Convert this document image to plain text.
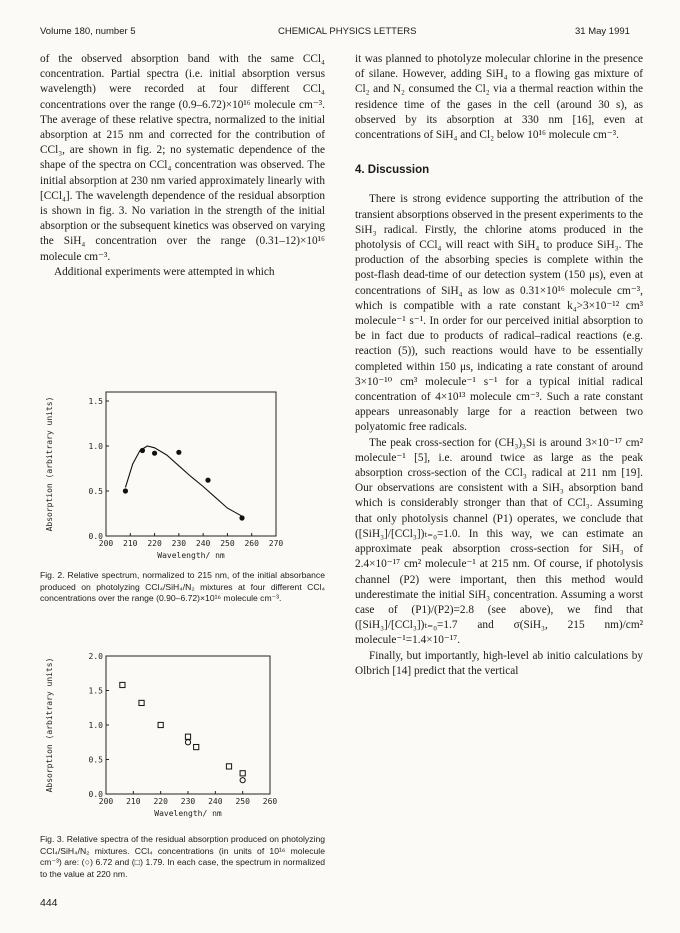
Volume 180, number 5	CHEMICAL PHYSICS LETTERS	31 May 1991

of the observed absorption band with the same CCl₄ concentration. Partial spectra (i.e. initial absorption versus wavelength) were recorded at four different CCl₄ concentrations over the range (0.9–6.72)×10¹⁶ molecule cm⁻³. The average of these relative spectra, normalized to the initial absorption at 215 nm and corrected for the contribution of CCl₃, are shown in fig. 2; no systematic dependence of the shape of the spectra on CCl₄ concentration was observed. The initial absorption at 230 nm varied approximately linearly with [CCl₄]. The wavelength dependence of the residual absorption is shown in fig. 3. No variation in the strength of the initial absorption or the subsequent kinetics was observed on varying the SiH₄ concentration over the range (0.31–12)×10¹⁶ molecule cm⁻³.

Additional experiments were attempted in which

it was planned to photolyze molecular chlorine in the presence of silane. However, adding SiH₄ to a flowing gas mixture of Cl₂ and N₂ consumed the Cl₂ via a thermal reaction within the residence time of the gases in the cell (around 30 s), as observed by its absorption at 330 nm [16], even at concentrations of SiH₄ and Cl₂ below 10¹⁶ molecule cm⁻³.

4. Discussion

There is strong evidence supporting the attribution of the transient absorptions observed in the present experiments to the SiH₃ radical. Firstly, the chlorine atoms produced in the photolysis of CCl₄ will react with SiH₄ to produce SiH₃. The production of the absorbing species is complete within the post-flash dead-time of our detection system (150 μs), even at concentrations of SiH₄ as low as 0.31×10¹⁶ molecule cm⁻³, which is compatible with a rate constant k₄>3×10⁻¹² cm³ molecule⁻¹ s⁻¹. In order for our perceived initial absorption to be in fact due to products of radical–radical reactions (e.g. reaction (5)), such reactions would have to be essentially completed within 150 μs, indicating a rate constant of around 3×10⁻¹⁰ cm³ molecule⁻¹ s⁻¹ for a typical initial radical concentration of 4×10¹³ molecule cm⁻³. Such a rate constant appears unreasonably large for a reaction between two polyatomic free radicals.

The peak cross-section for (CH₃)₃Si is around 3×10⁻¹⁷ cm² molecule⁻¹ [5], i.e. around twice as large as the peak absorption cross-section of the CCl₃ radical at 211 nm [19]. Our observations are consistent with a SiH₃ absorption band which is considerably stronger than that of CCl₃. Assuming that only photolysis channel (P1) operates, we conclude that ([SiH₃]/[CCl₃])ₜ₌₀=1.0. In this way, we can estimate an approximate peak absorption cross-section for SiH₃ of 2.4×10⁻¹⁷ cm² molecule⁻¹ at 215 nm. Of course, if photolysis channel (P2) were important, then this method would underestimate the initial SiH₃ concentration. Assuming a worst case of (P1)/(P2)=2.8 (see above), we find that ([SiH₃]/[CCl₃])ₜ₌₀=1.7 and σ(SiH₃, 215 nm)/cm² molecule⁻¹=1.4×10⁻¹⁷.

Finally, but importantly, high-level ab initio calculations by Olbrich [14] predict that the vertical

200 210 220 230 240 250 260 270
0.0
0.5
1.0
1.5
Wavelength/ nm
Absorption (arbitrary units)
Fig. 2. Relative spectrum, normalized to 215 nm, of the initial absorbance produced on photolyzing CCl₄/SiH₄/N₂ mixtures at four different CCl₄ concentrations over the range (0.90–6.72)×10¹⁶ molecule cm⁻³.
200 210 220 230 240 250 260
0.0
0.5
1.0
1.5
2.0
Wavelength/ nm
Absorption (arbitrary units)
Fig. 3. Relative spectra of the residual absorption produced on photolyzing CCl₄/SiH₄/N₂ mixtures. CCl₄ concentrations (in units of 10¹⁶ molecule cm⁻³) are: (○) 6.72 and (□) 1.79. In each case, the spectrum in normalized to the value at 220 nm.
444
